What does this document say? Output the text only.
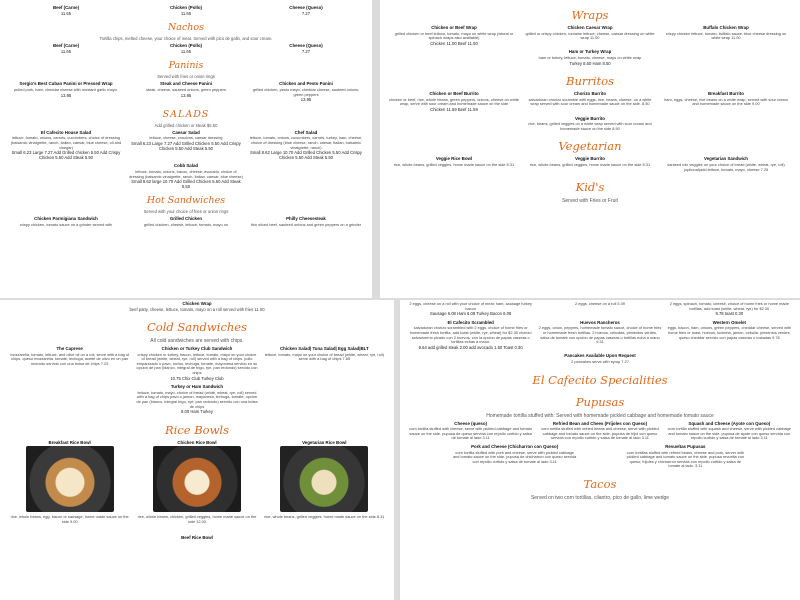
Beef (Carne)
11.65
Chicken (Pollo)
11.65
Cheese (Queso)
7.27
Nachos
Tortilla chips, melted cheese, your choice of meat. Served with pico de gallo, and sour cream.
Beef (Carne)
11.65
Chicken (Pollo)
11.65
Cheese (Queso)
7.27
Paninis
Served with fries or onion rings
Sergio's Best Cuban Panini or Pressed Wrap
pulled pork, ham, cheddar cheese with mustard garlic mayo.
13.95
Steak and Cheese Panini
steak, cheese, sauteed onions, green peppers
13.95
Chicken and Pesto Panini
grilled chicken, pesto mayo, cheddar cheese, sauteed onions, green peppers
13.95
SALADS
Add grilled chicken or steak $5.50
El Cafecito House Salad
lettuce, tomato, onions, carrots, cucumbers, choice of dressing (balsamic vinaigrette, ranch, italian, caesar, blue cheese, oil and vinegar)
Small 6.23 Large 7.27 Add Grilled chicken 5.50 Add Crispy Chicken 5.50 Add Steak 5.50
Caesar Salad
lettuce, cheese, croutons, caesar dressing
Small 6.23 Large 7.27 Add Grilled Chicken 5.50 Add Crispy Chicken 5.50 Add Steak 5.50
Chef Salad
lettuce, tomato, onions, cucumbers, carrots, turkey, ham, cheese, choice of dressing (blue cheese, ranch, caesar, italian, balsamic vinaigrette, ranch)
Small 8.62 Large 10.70 Add Grilled Chicken 5.50 Add Crispy Chicken 5.50 Add Steak 5.50
Cobb Salad
lettuce, tomato, onions, bacon, cheese, avocado, choice of dressing (balsamic vinaigrette, ranch, italian, caesar, blue cheese)
Small 8.62 large 10.70 Add Grilled Chicken 5.50 Add Steak 5.50
Hot Sandwiches
Served with your choice of fries or onion rings
Chicken Parmigiana Sandwich
crispy chicken, tomato sauce on a grinder served with
Grilled Chicken
grilled chicken, cheese, lettuce, tomato, mayo on
Philly Cheesesteak
thin sliced beef, sauteed onions and green peppers on a grinder
Wraps
Chicken or Beef Wrap
grilled chicken or beef lettuce, tomato, mayo on white wrap (wheat or spinach wraps also available)
Chicken 11.00 Beef 11.50
Chicken Caesar Wrap
grilled or crispy chicken, romaine lettuce, cheese, caesar dressing on white wrap 11.00
Buffalo Chicken Wrap
crispy chicken lettuce, tomato, buffalo sauce, blue cheese dressing on white wrap 11.00
Ham or Turkey Wrap
ham or turkey, lettuce, tomato, cheese, mayo on white wrap
Turkey 8.50 Ham 8.50
Burritos
Chicken or Beef Burrito
chicken or beef, rice, whole beans, green peppers, onions, cheese on white wrap, serve with sour cream and homemade sauce on the side
Chicken 11.59 Beef 11.59
Chorizo Burrito
salvadoran chorizo scramble with eggs, rice, beans, cheese, on a white wrap served with sour cream and homemade sauce on the side. 8.50
Breakfast Burrito
ham, eggs, cheese, rice beans on a white wrap, served with sour cream and homemade sauce on the side 9.00
Veggie Burrito
rice, beans, grilled veggies on a white wrap served with sour cream and homemade sauce on the side 8.50
Vegetarian
Veggie Rice Bowl
rice, whole beans, grilled veggies, home made sauce on the side 8.31
Veggie Burrito
rice, whole beans, grilled veggies, home made sauce on the side 8.31
Vegetarian Sandwich
sautéed mix veggies on your choice of bread (white, wheat, rye, roll) (optional)add lettuce, tomato, mayo, cheese 7.25
Kid's
Served with Fries or Fruit
Chicken Wrap
beef patty, cheese, lettuce, tomato, mayo on a roll served with fries 11.00
Cold Sandwiches
All cold sandwiches are served with chips.
The Caprese
mozzarella, tomato, lettuce, and olive oil on a roll, serve with a bag of chips. queso mozzarella, tomate, lechuga, aceite de olivo en un pan redondo servido con una bolsa de chips 7.25
Chicken or Turkey Club Sandwich
crispy chicken or turkey, bacon, lettuce, tomato, mayo on your choice of bread (white, wheat, rye, roll) served with a bag of chips. pollo empanizado o pavo, tocino, lechuga, tomate, mayonesa servido en su opcion de pan (blanco, integral de trigo, rye, pan redondo) servido con chips
10.75 Chix Club Turkey Club
Chicken Salad| Tuna Salad| Egg Salad|BLT
lettuce, tomato, mayo on your choice of bread (white, wheat, rye, roll) serve with a bag of chips 7.65
Turkey or Ham Sandwich
lettuce, tomato, mayo, choice of bread (white, wheat, rye, roll) served with a bag of chips pavo o jamon, mayonesa, lechuga, tomate, opcion de pan (blanco, integral trigo, rye, pan redondo) servido con una bolsa de chips
9.00 Ham Turkey
Rice Bowls
Breakfast Rice Bowl
rice, whole beans, egg, bacon or sausage, home made sauce on the side 9.00
Chicken Rice Bowl
rice, whole beans, chicken, grilled veggies, home made sauce on the side 12.00
Vegetarian Rice Bowl
rice, whole beans, grilled veggies, home made sauce on the side 8.31
Beef Rice Bowl
2 eggs, cheese on a roll with your choice of meat: ham, sausage turkey bacon
Sausage 6.08 Ham 6.08 Turkey Bacon 6.08
2 eggs, cheese on a roll 5.39	2 eggs, spinach, tomato, cheese, choice of home fries or home made tortillas, add toast (white, wheat, rye) for $2.30
9.78 toast 0.30
El Cafecito Scrambled
salvadoran chorizo scrambled with 2 eggs, choice of home fries or homemade fresh tortilla, add toast (white, rye, wheat) for $2.30 chorizo salvadoreno picado con 2 huevos, con la opcion de papas caseras o tortillas echas a mano.
9.64 add grilled steak 2.00 add avocado 1.50 Toast 0.30
Huevos Rancheros
2 eggs, onion, peppers, homemade tomato sauce, choice of home fries or homemade fresh tortillas. 2 huevos, cebollas, pimientos verdes, salsa de tomate con opcion de papas caseras o tortillas echa a mano 9.31
Western Omelet
eggs, bacon, ham, onions, green peppers, cheddar cheese, served with home fries or toast. huevos, tocineta, jamon, cebolla, pimientos verdes, queso cheddar servido con papas caseras o tostadas 9.78
Pancakes Available Upon Request
2 pancakes serve with syrup 7.27
El Cafecito Specialities
Pupusas
Homemade tortilla stuffed with: Served with homemade pickled cabbage and homemade tomato sauce
Cheese (queso)
corn tortilla stuffed with cheese, serve with pickled cabbage and tomato sauce on the side. pupusa de queso servida con repollo curtido y salsa de tomate al lado 3.11
Refried Bean and Chees (Frijoles con Queso)
corn tortilla stuffed with refried beans and cheese, serve with pickled cabbage and tomato sauce on the side. pupusa de frijol con queso servida con repollo curtido y salsa de tomate al lado 3.11
Squash and Cheese (Ayote con Queso)
corn tortilla stuffed with squash and cheese, serve with pickled cabbage and tomato sauce on the side. pupusa de ayote con queso servida con repollo curtido y salsa de tomate al lado 3.11
Pork and Cheese (Chicharron con Queso)
corn tortilla stuffed with pork and cheese, serve with pickled cabbage and tomato sauce on the side. pupusa de chicharron con queso servida con repollo curtido y salsa de tomate al lado 3.11
Revueltas Pupusas
corn tortillas stuffed with refried beans, cheese and pork, server with pickled cabbage and tomato sauce on the side. pupusa revuelta con queso, frijoles y chicharron servida con repollo curtido y salsa de tomate al lado. 3.11
Tacos
Served on two corn tortillas, cilantro, pico de gallo, lime wedge
